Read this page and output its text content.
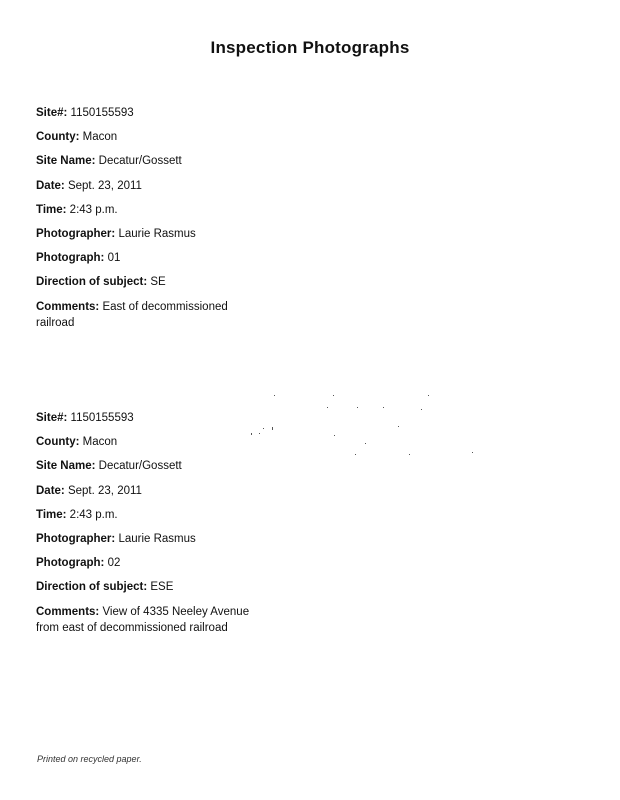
Inspection Photographs
Site#: 1150155593
County: Macon
Site Name: Decatur/Gossett
Date: Sept. 23, 2011
Time: 2:43 p.m.
Photographer: Laurie Rasmus
Photograph: 01
Direction of subject: SE
Comments: East of decommissioned railroad
Site#: 1150155593
County: Macon
Site Name: Decatur/Gossett
Date: Sept. 23, 2011
Time: 2:43 p.m.
Photographer: Laurie Rasmus
Photograph: 02
Direction of subject: ESE
Comments: View of 4335 Neeley Avenue from east of decommissioned railroad
Printed on recycled paper.
